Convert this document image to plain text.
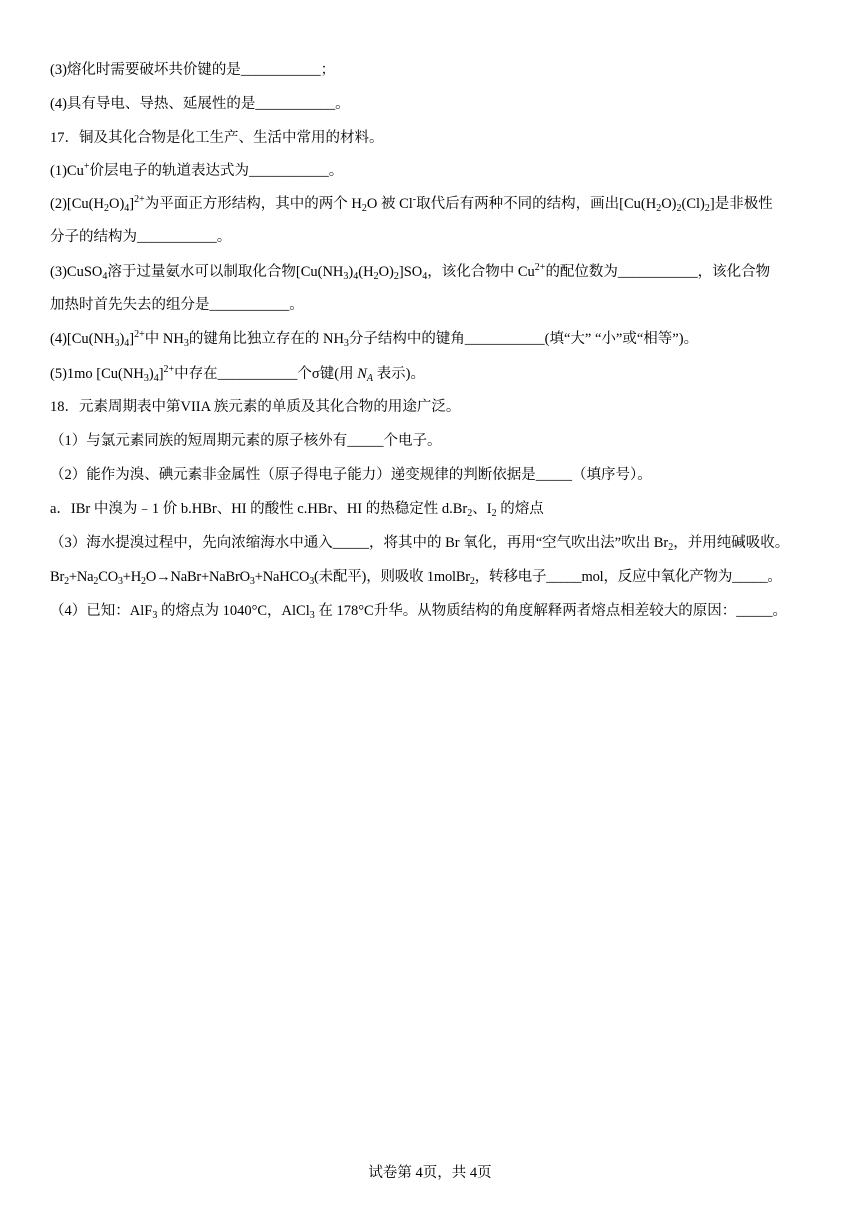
(3)熔化时需要破坏共价键的是___________；
(4)具有导电、导热、延展性的是___________。
17．铜及其化合物是化工生产、生活中常用的材料。
(1)Cu+价层电子的轨道表达式为___________。
$(2)[Cu(H_2O)_4]^{2+}$为平面正方形结构，其中的两个 $H_2O$ 被 Cl-取代后有两种不同的结构，画出$[Cu(H_2O)_2(Cl)_2]$是非极性
分子的结构为___________。
(3)CuSO$_4$溶于过量氨水可以制取化合物$[Cu(NH_3)_4(H_2O)_2]SO_4$，该化合物中 $Cu^{2+}$的配位数为___________，该化合物
加热时首先失去的组分是___________。
$(4)[Cu(NH_3)_4]^{2+}$中 $NH_3$的键角比独立存在的 $NH_3$分子结构中的键角___________(填“大” “小”或“相等”)。
(5)1mo $[Cu(NH_3)_4]^{2+}$中存在___________个σ键(用 $N_A$ 表示)。
18．元素周期表中第VIIA 族元素的单质及其化合物的用途广泛。
（1）与氯元素同族的短周期元素的原子核外有_____个电子。
（2）能作为溴、碘元素非金属性（原子得电子能力）递变规律的判断依据是_____（填序号）。
a．IBr 中溴为﹣1 价 b.HBr、HI 的酸性 c.HBr、HI 的热稳定性 $d.Br_2$、$I_2$ 的熔点
（3）海水提溴过程中，先向浓缩海水中通入_____，将其中的 Br 氧化，再用“空气吹出法”吹出 $Br_2$，并用纯碱吸收。
$Br_2+Na_2CO_3+H_2O\to NaBr+NaBrO_3+NaHCO_3$(未配平)，则吸收 1molBr$_2$，转移电子_____mol，反应中氧化产物为_____。
（4）已知：AlF$_3$ 的熔点为 1040°C，AlCl$_3$ 在 178°C升华。从物质结构的角度解释两者熔点相差较大的原因：_____。
试卷第 4页，共 4页
